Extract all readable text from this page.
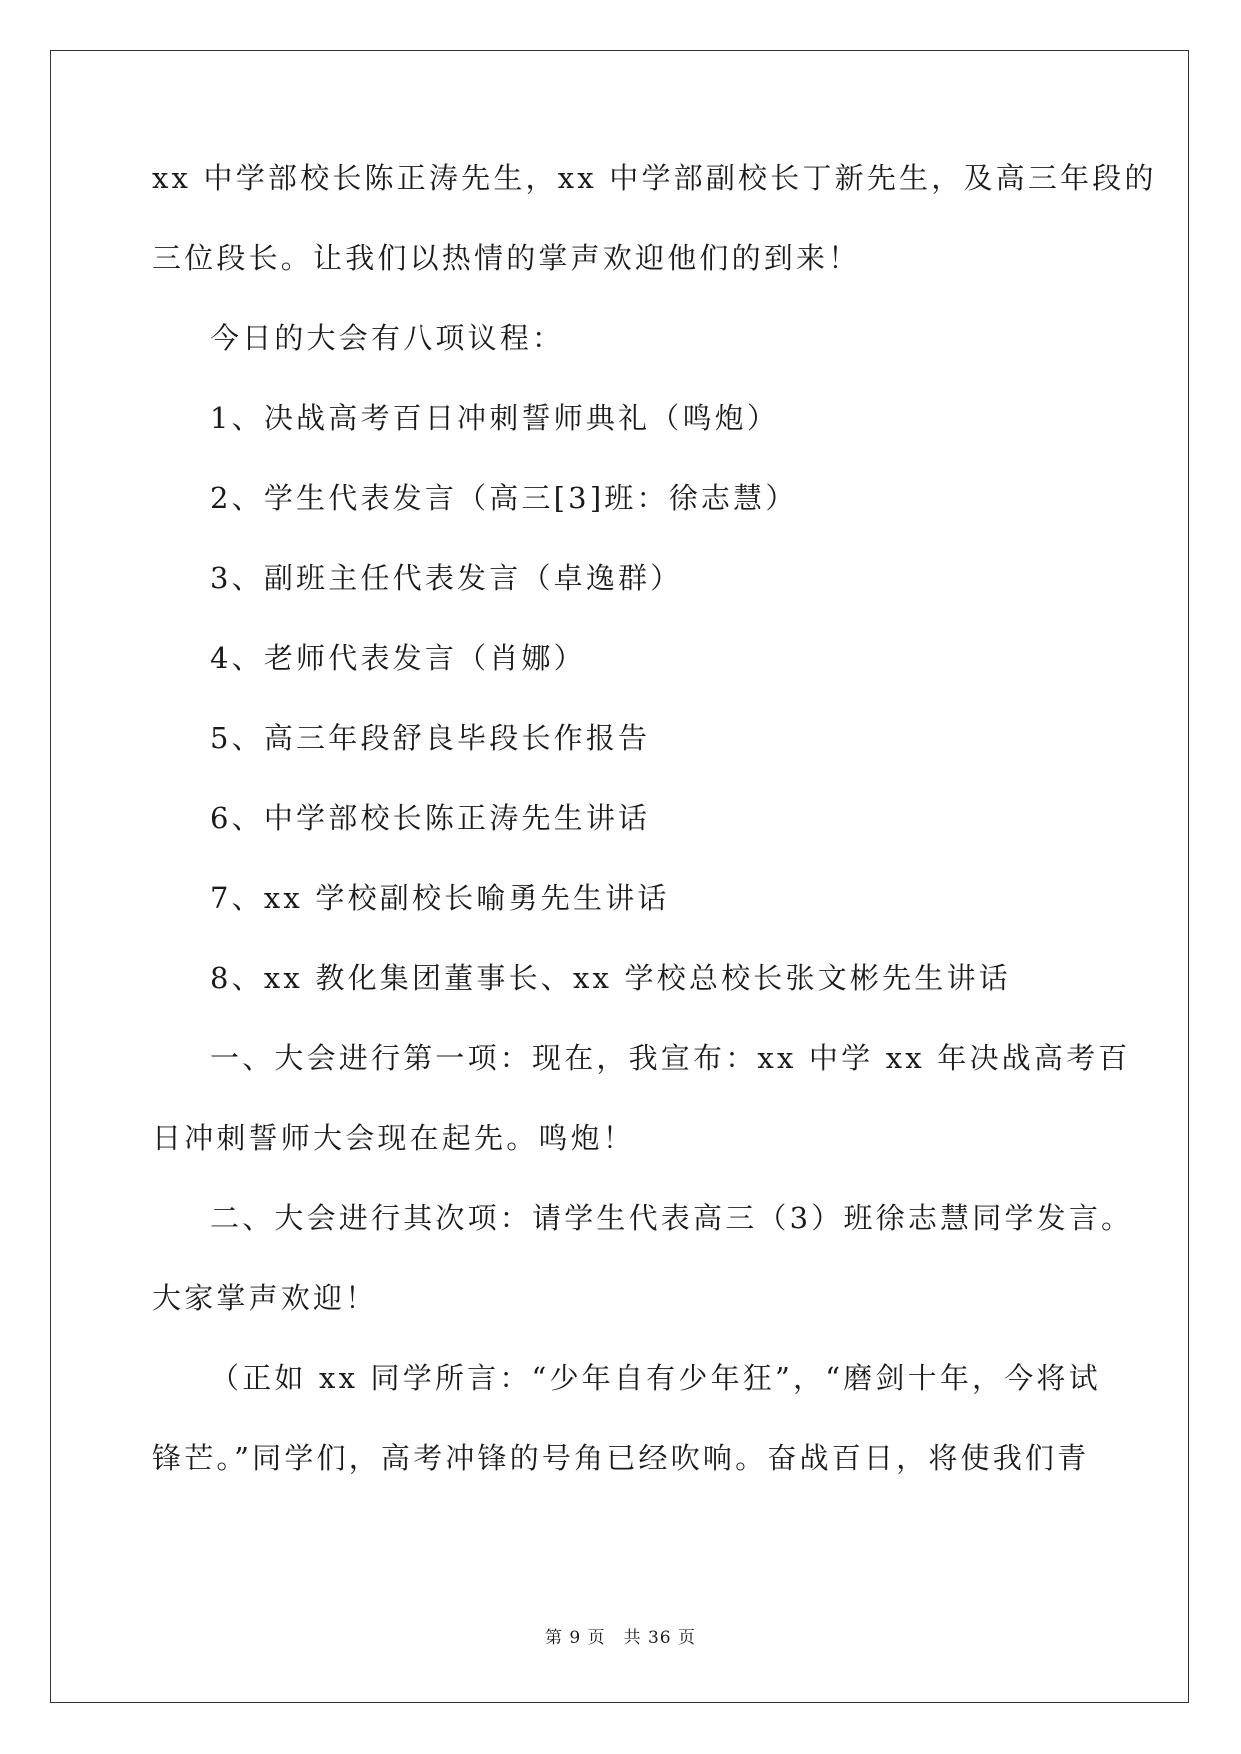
xx 中学部校长陈正涛先生，xx 中学部副校长丁新先生，及高三年段的
三位段长。让我们以热情的掌声欢迎他们的到来！
今日的大会有八项议程：
1、决战高考百日冲刺誓师典礼（鸣炮）
2、学生代表发言（高三[3]班：徐志慧）
3、副班主任代表发言（卓逸群）
4、老师代表发言（肖娜）
5、高三年段舒良毕段长作报告
6、中学部校长陈正涛先生讲话
7、xx 学校副校长喻勇先生讲话
8、xx 教化集团董事长、xx 学校总校长张文彬先生讲话
一、大会进行第一项：现在，我宣布：xx 中学 xx 年决战高考百
日冲刺誓师大会现在起先。鸣炮！
二、大会进行其次项：请学生代表高三（3）班徐志慧同学发言。
大家掌声欢迎！
（正如 xx 同学所言：“少年自有少年狂”，“磨剑十年，今将试
锋芒。”同学们，高考冲锋的号角已经吹响。奋战百日，将使我们青
第 9 页 共 36 页
